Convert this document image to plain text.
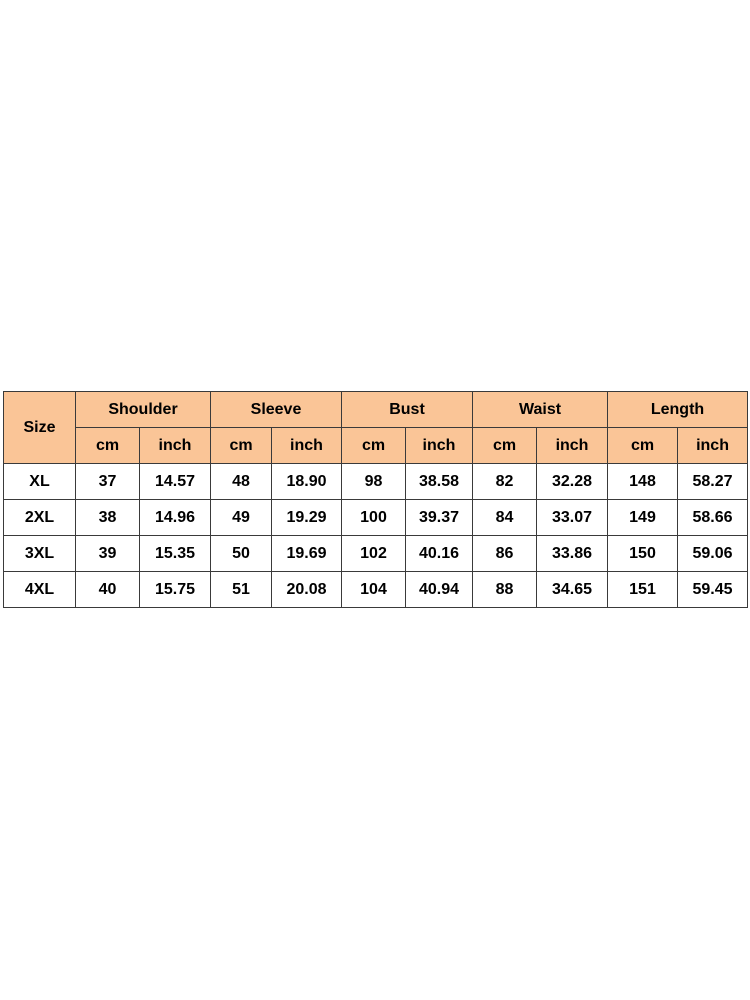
Size	Shoulder		Sleeve		Bust		Waist		Length	
	cm	inch	cm	inch	cm	inch	cm	inch	cm	inch
XL	37	14.57	48	18.90	98	38.58	82	32.28	148	58.27
2XL	38	14.96	49	19.29	100	39.37	84	33.07	149	58.66
3XL	39	15.35	50	19.69	102	40.16	86	33.86	150	59.06
4XL	40	15.75	51	20.08	104	40.94	88	34.65	151	59.45
